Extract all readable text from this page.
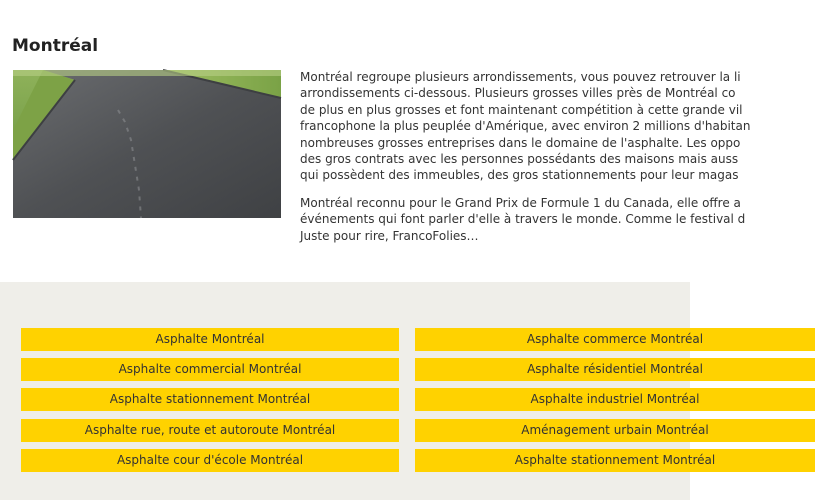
Montréal

Montréal regroupe plusieurs arrondissements, vous pouvez retrouver la li
arrondissements ci-dessous. Plusieurs grosses villes près de Montréal co
de plus en plus grosses et font maintenant compétition à cette grande vil
francophone la plus peuplée d'Amérique, avec environ 2 millions d'habitan
nombreuses grosses entreprises dans le domaine de l'asphalte. Les oppo
des gros contrats avec les personnes possédants des maisons mais auss
qui possèdent des immeubles, des gros stationnements pour leur magas

Montréal reconnu pour le Grand Prix de Formule 1 du Canada, elle offre a
événements qui font parler d'elle à travers le monde. Comme le festival d
Juste pour rire, FrancoFolies…

Asphalte Montréal
Asphalte commercial Montréal
Asphalte stationnement Montréal
Asphalte rue, route et autoroute Montréal
Asphalte cour d'école Montréal
Asphalte commerce Montréal
Asphalte résidentiel Montréal
Asphalte industriel Montréal
Aménagement urbain Montréal
Asphalte stationnement Montréal
